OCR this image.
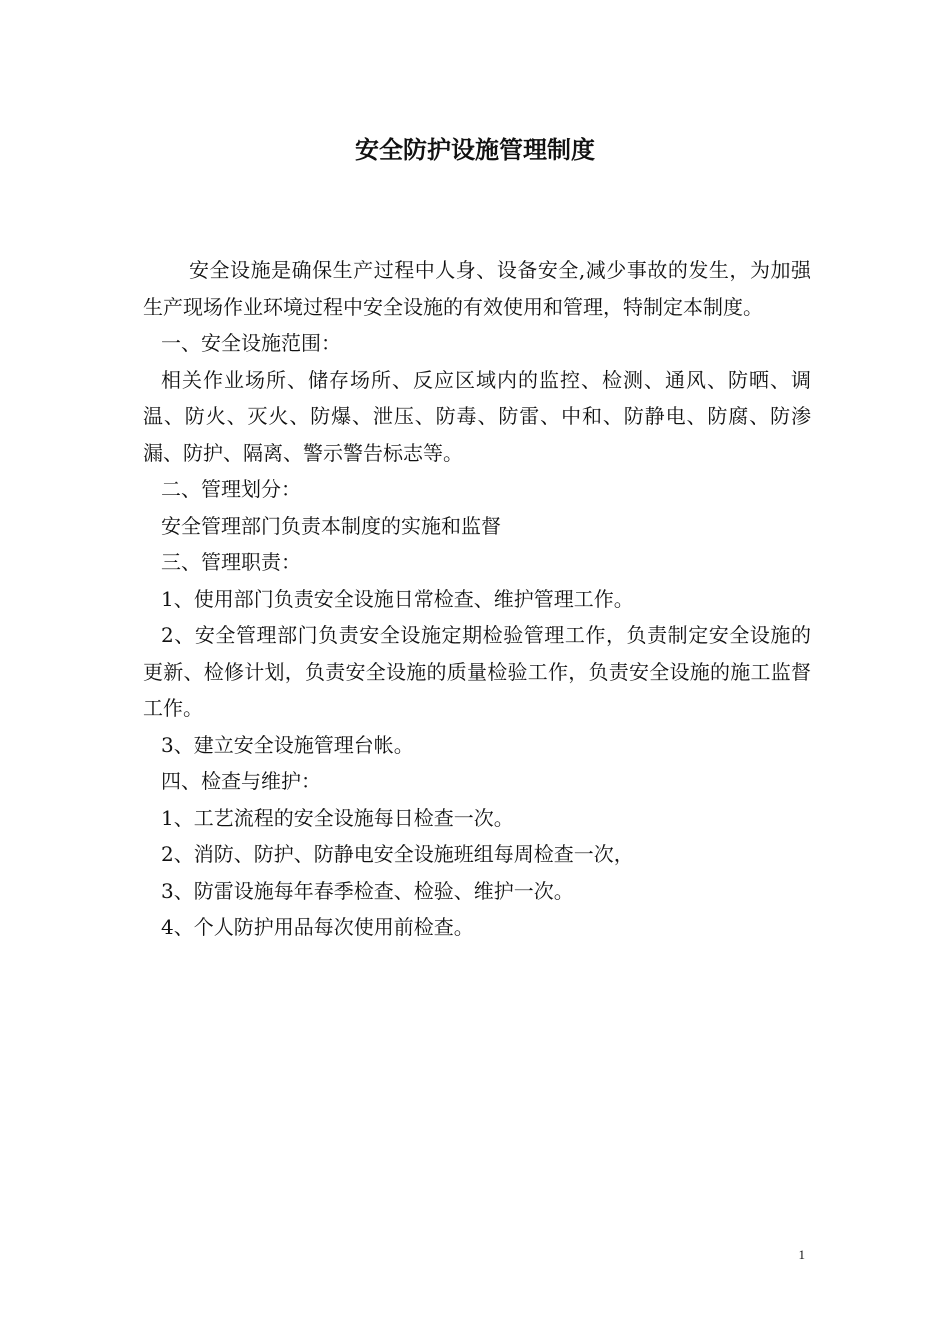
安全防护设施管理制度

安全设施是确保生产过程中人身、设备安全,减少事故的发生，为加强生产现场作业环境过程中安全设施的有效使用和管理，特制定本制度。

一、安全设施范围：

相关作业场所、储存场所、反应区域内的监控、检测、通风、防晒、调温、防火、灭火、防爆、泄压、防毒、防雷、中和、防静电、防腐、防渗漏、防护、隔离、警示警告标志等。

二、管理划分：

安全管理部门负责本制度的实施和监督

三、管理职责：

1、使用部门负责安全设施日常检查、维护管理工作。

2、安全管理部门负责安全设施定期检验管理工作，负责制定安全设施的更新、检修计划，负责安全设施的质量检验工作，负责安全设施的施工监督工作。

3、建立安全设施管理台帐。

四、检查与维护：

1、工艺流程的安全设施每日检查一次。

2、消防、防护、防静电安全设施班组每周检查一次，

3、防雷设施每年春季检查、检验、维护一次。

4、个人防护用品每次使用前检查。

1
